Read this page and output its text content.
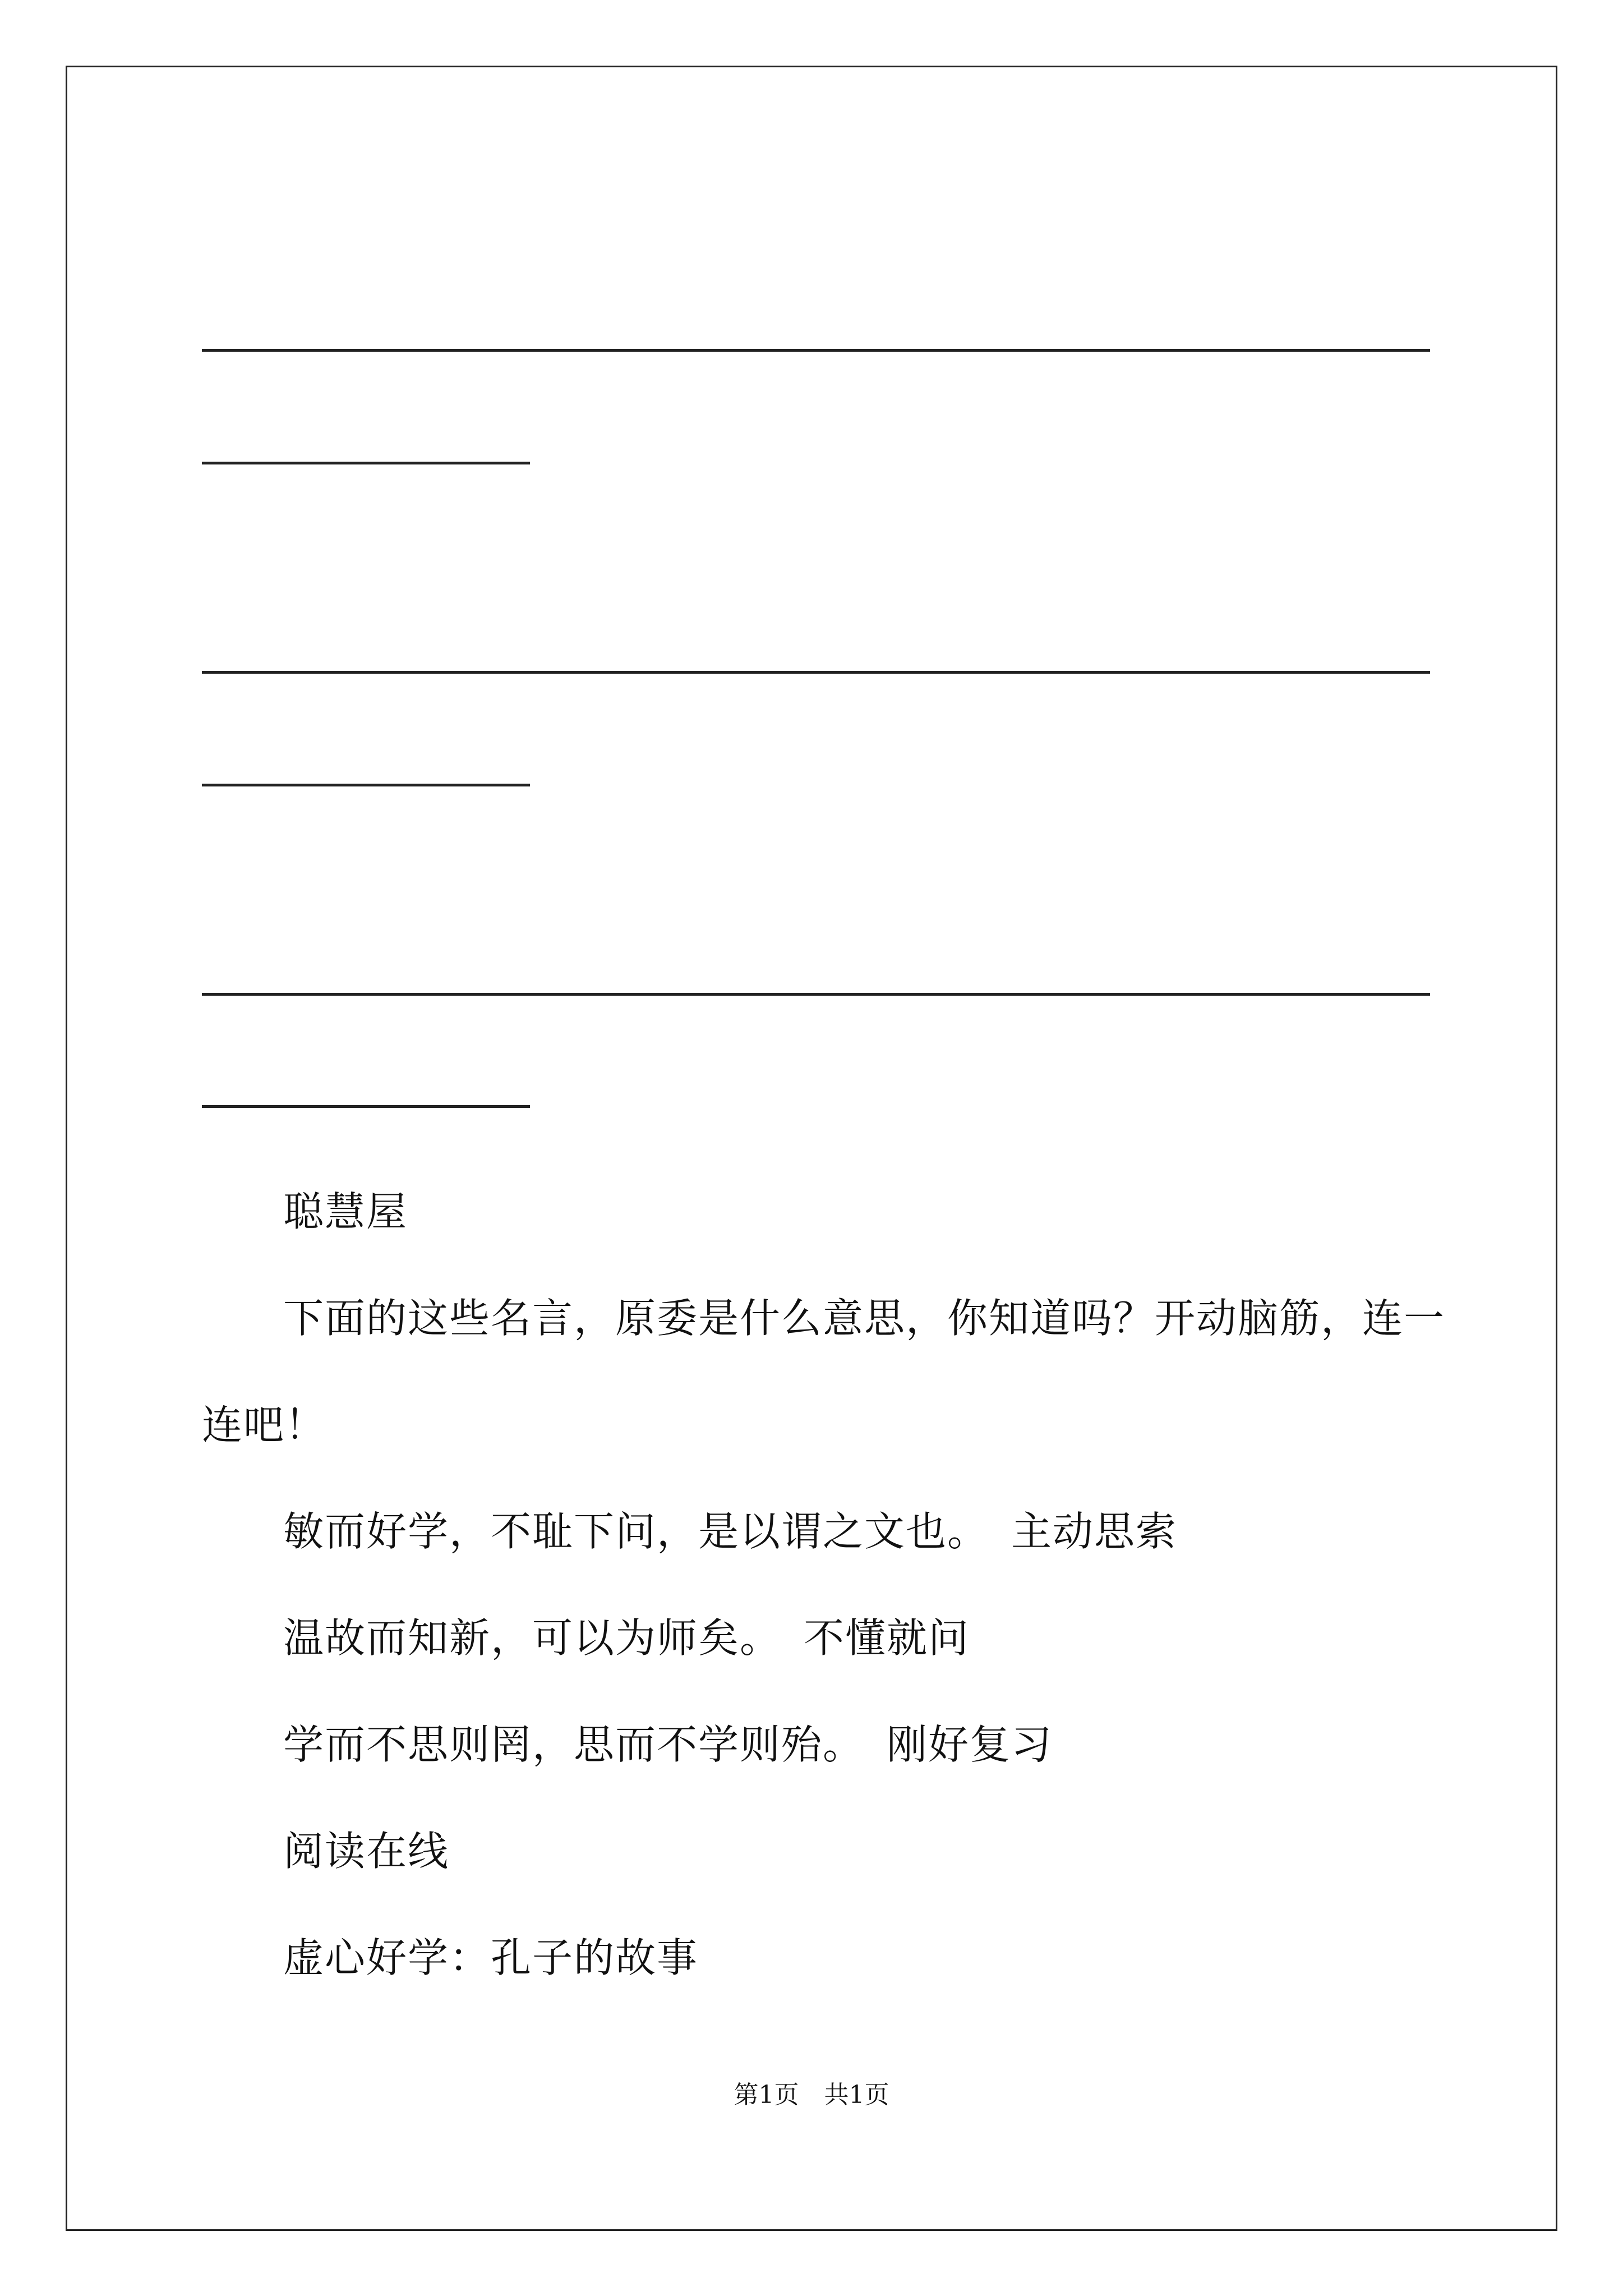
聪慧屋
下面的这些名言，原委是什么意思，你知道吗？开动脑筋，连一
连吧！
敏而好学，不耻下问，是以谓之文也。 主动思索
温故而知新，可以为师矣。 不懂就问
学而不思则罔，思而不学则殆。 刚好复习
阅读在线
虚心好学：孔子的故事
第1页 共1页
